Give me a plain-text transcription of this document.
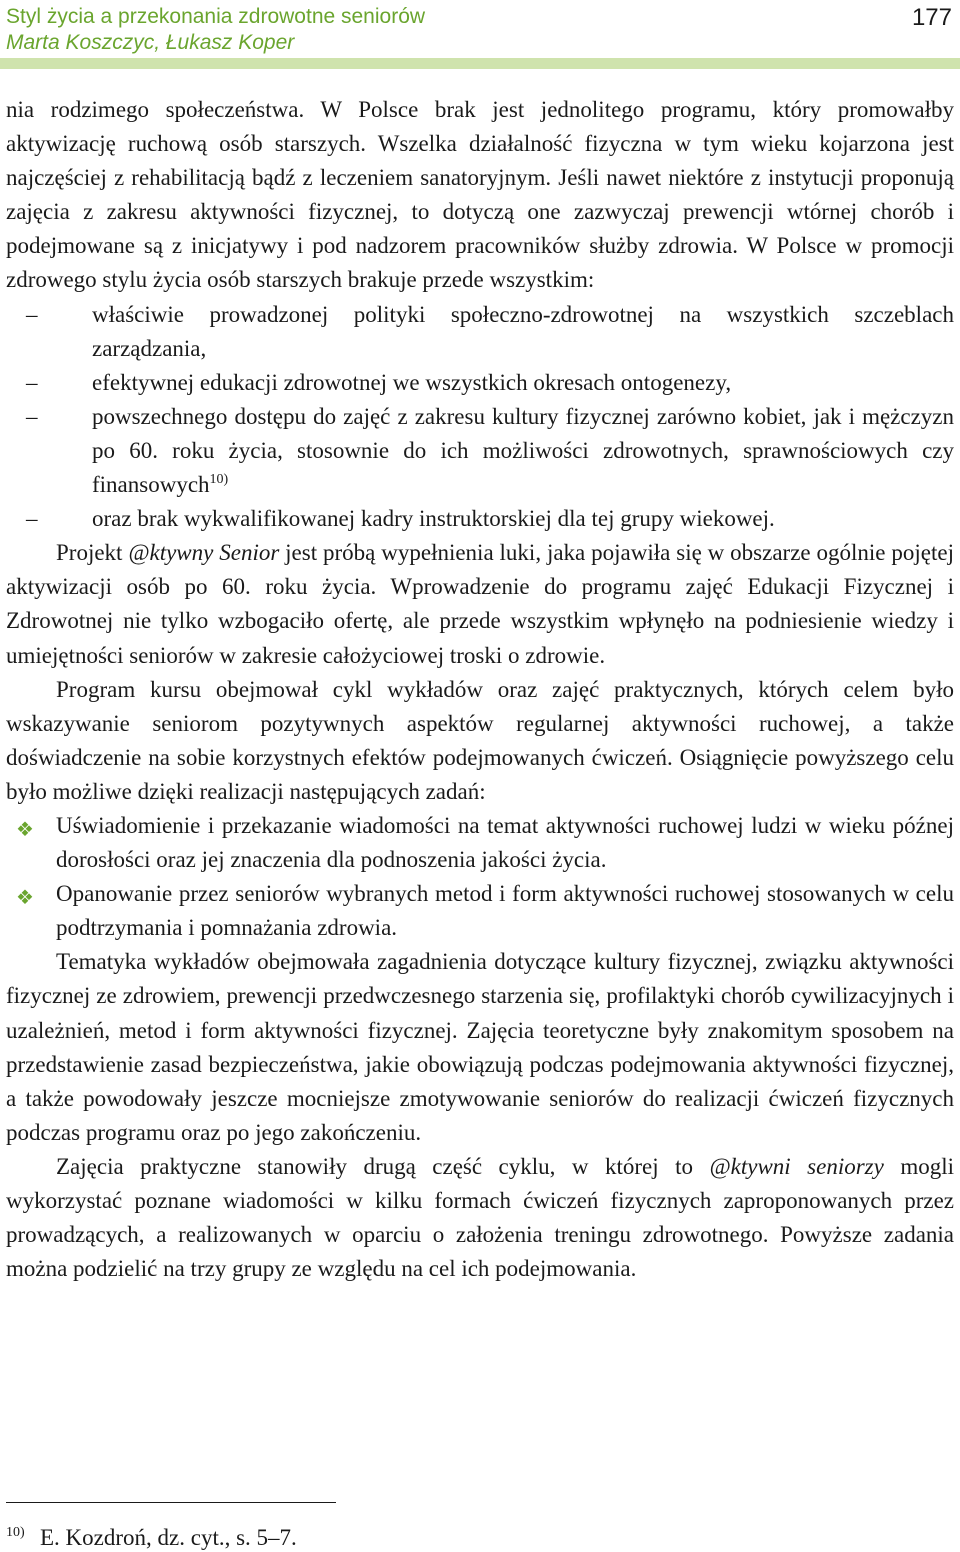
Styl życia a przekonania zdrowotne seniorów
Marta Koszczyc, Łukasz Koper
177

nia rodzimego społeczeństwa. W Polsce brak jest jednolitego programu, który promowałby aktywizację ruchową osób starszych. Wszelka działalność fizyczna w tym wieku kojarzona jest najczęściej z rehabilitacją bądź z leczeniem sanatoryjnym. Jeśli nawet niektóre z instytucji proponują zajęcia z zakresu aktywności fizycznej, to dotyczą one zazwyczaj prewencji wtórnej chorób i podejmowane są z inicjatywy i pod nadzorem pracowników służby zdrowia. W Polsce w promocji zdrowego stylu życia osób starszych brakuje przede wszystkim:

– właściwie prowadzonej polityki społeczno-zdrowotnej na wszystkich szczeblach zarządzania,
– efektywnej edukacji zdrowotnej we wszystkich okresach ontogenezy,
– powszechnego dostępu do zajęć z zakresu kultury fizycznej zarówno kobiet, jak i mężczyzn po 60. roku życia, stosownie do ich możliwości zdrowotnych, sprawnościowych czy finansowych$^{10)}$
– oraz brak wykwalifikowanej kadry instruktorskiej dla tej grupy wiekowej.

Projekt @ktywny Senior jest próbą wypełnienia luki, jaka pojawiła się w obszarze ogólnie pojętej aktywizacji osób po 60. roku życia. Wprowadzenie do programu zajęć Edukacji Fizycznej i Zdrowotnej nie tylko wzbogaciło ofertę, ale przede wszystkim wpłynęło na podniesienie wiedzy i umiejętności seniorów w zakresie całożyciowej troski o zdrowie.

Program kursu obejmował cykl wykładów oraz zajęć praktycznych, których celem było wskazywanie seniorom pozytywnych aspektów regularnej aktywności ruchowej, a także doświadczenie na sobie korzystnych efektów podejmowanych ćwiczeń. Osiągnięcie powyższego celu było możliwe dzięki realizacji następujących zadań:

❖ Uświadomienie i przekazanie wiadomości na temat aktywności ruchowej ludzi w wieku późnej dorosłości oraz jej znaczenia dla podnoszenia jakości życia.
❖ Opanowanie przez seniorów wybranych metod i form aktywności ruchowej stosowanych w celu podtrzymania i pomnażania zdrowia.

Tematyka wykładów obejmowała zagadnienia dotyczące kultury fizycznej, związku aktywności fizycznej ze zdrowiem, prewencji przedwczesnego starzenia się, profilaktyki chorób cywilizacyjnych i uzależnień, metod i form aktywności fizycznej. Zajęcia teoretyczne były znakomitym sposobem na przedstawienie zasad bezpieczeństwa, jakie obowiązują podczas podejmowania aktywności fizycznej, a także powodowały jeszcze mocniejsze zmotywowanie seniorów do realizacji ćwiczeń fizycznych podczas programu oraz po jego zakończeniu.

Zajęcia praktyczne stanowiły drugą część cyklu, w której to @ktywni seniorzy mogli wykorzystać poznane wiadomości w kilku formach ćwiczeń fizycznych zaproponowanych przez prowadzących, a realizowanych w oparciu o założenia treningu zdrowotnego. Powyższe zadania można podzielić na trzy grupy ze względu na cel ich podejmowania.

10) E. Kozdroń, dz. cyt., s. 5–7.
